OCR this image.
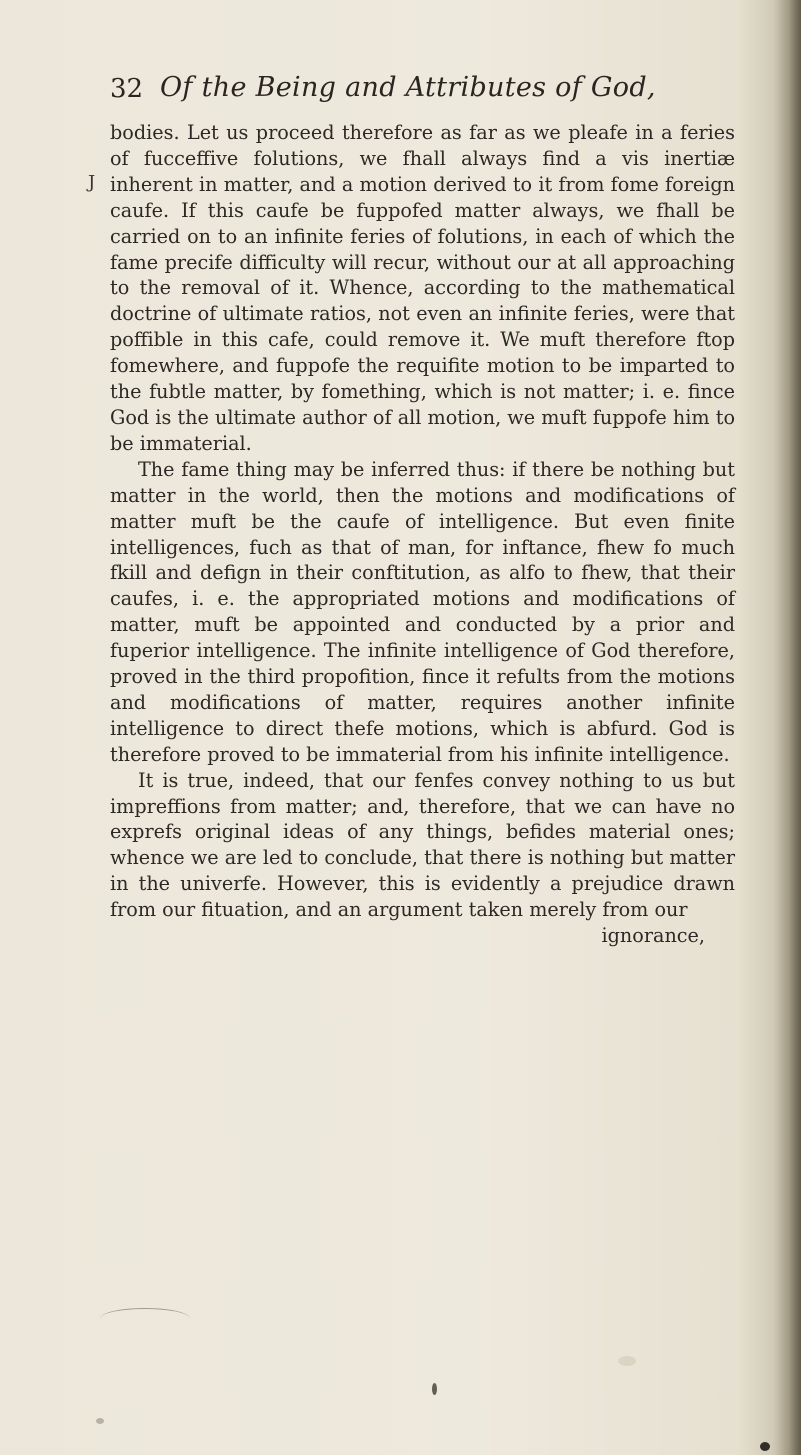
32 Of the Being and Attributes of God,
J

bodies. Let us proceed therefore as far as we pleafe in a feries of fucceffive folutions, we fhall always find a vis inertiæ inherent in matter, and a motion derived to it from fome foreign caufe. If this caufe be fuppofed matter always, we fhall be carried on to an infinite feries of folutions, in each of which the fame precife difficulty will recur, without our at all approaching to the removal of it. Whence, according to the mathematical doctrine of ultimate ratios, not even an infinite feries, were that poffible in this cafe, could remove it. We muft therefore ftop fomewhere, and fuppofe the requifite motion to be imparted to the fubtle matter, by fomething, which is not matter; i. e. fince God is the ultimate author of all motion, we muft fuppofe him to be immaterial.

The fame thing may be inferred thus: if there be nothing but matter in the world, then the motions and modifications of matter muft be the caufe of intelligence. But even finite intelligences, fuch as that of man, for inftance, fhew fo much fkill and defign in their conftitution, as alfo to fhew, that their caufes, i. e. the appropriated motions and modifications of matter, muft be appointed and conducted by a prior and fuperior intelligence. The infinite intelligence of God therefore, proved in the third propofition, fince it refults from the motions and modifications of matter, requires another infinite intelligence to direct thefe motions, which is abfurd. God is therefore proved to be immaterial from his infinite intelligence.

It is true, indeed, that our fenfes convey nothing to us but impreffions from matter; and, therefore, that we can have no exprefs original ideas of any things, befides material ones; whence we are led to conclude, that there is nothing but matter in the univerfe. However, this is evidently a prejudice drawn from our fituation, and an argument taken merely from our

ignorance,
